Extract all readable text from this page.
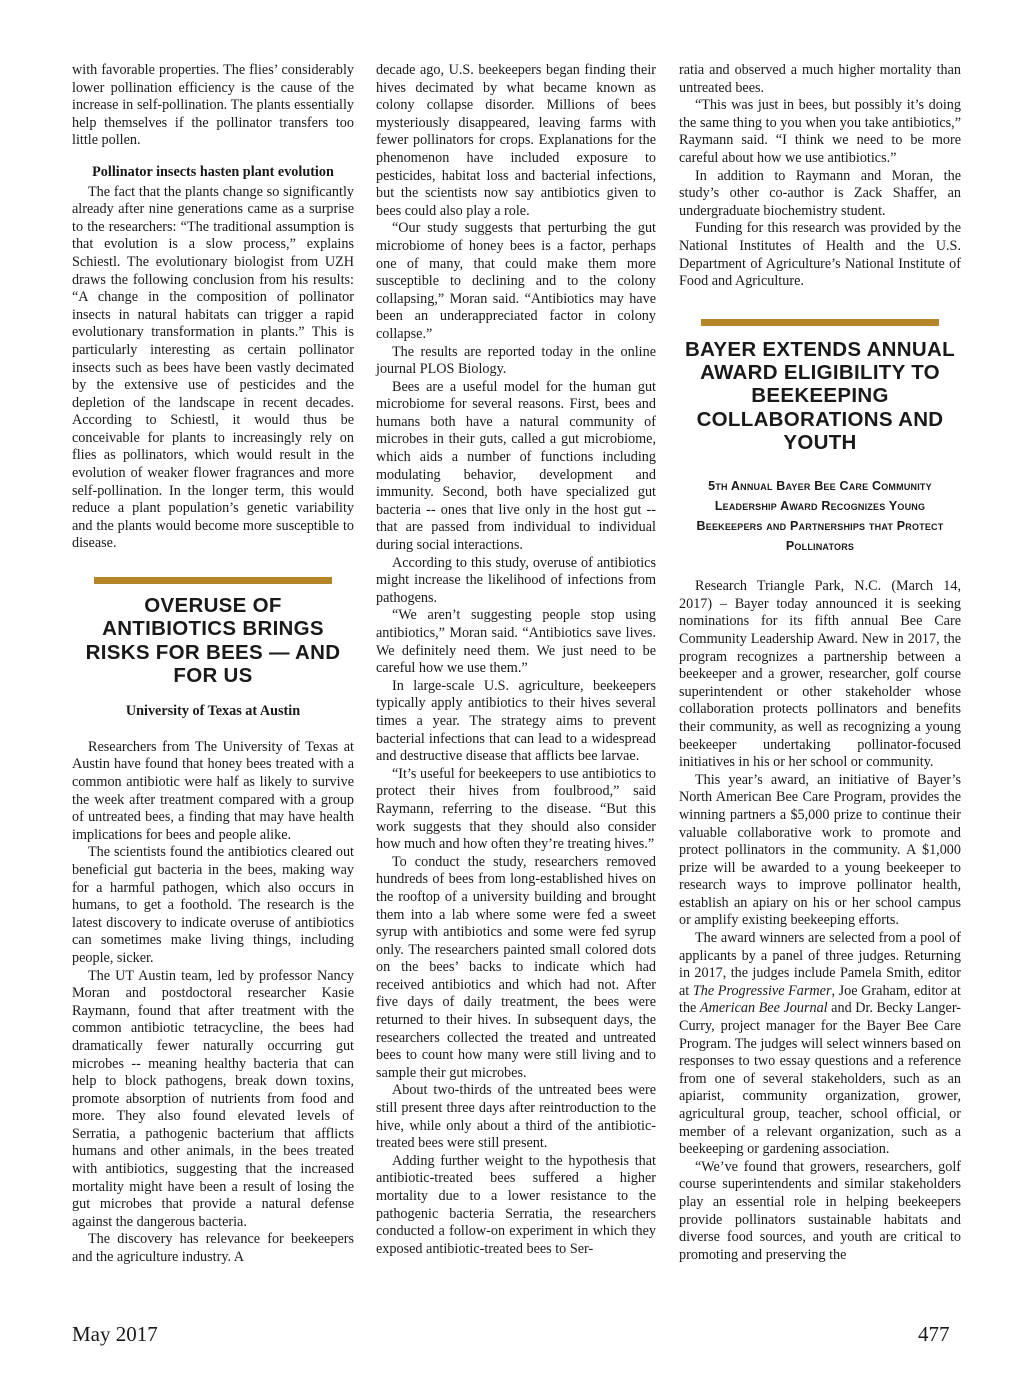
with favorable properties. The flies’ considerably lower pollination efficiency is the cause of the increase in self-pollination. The plants essentially help themselves if the pollinator transfers too little pollen.

Pollinator insects hasten plant evolution

The fact that the plants change so significantly already after nine generations came as a surprise to the researchers: “The traditional assumption is that evolution is a slow process,” explains Schiestl. The evolutionary biologist from UZH draws the following conclusion from his results: “A change in the composition of pollinator insects in natural habitats can trigger a rapid evolutionary transformation in plants.” This is particularly interesting as certain pollinator insects such as bees have been vastly decimated by the extensive use of pesticides and the depletion of the landscape in recent decades. According to Schiestl, it would thus be conceivable for plants to increasingly rely on flies as pollinators, which would result in the evolution of weaker flower fragrances and more self-pollination. In the longer term, this would reduce a plant population’s genetic variability and the plants would become more susceptible to disease.

OVERUSE OF ANTIBIOTICS BRINGS RISKS FOR BEES — AND FOR US
University of Texas at Austin

Researchers from The University of Texas at Austin have found that honey bees treated with a common antibiotic were half as likely to survive the week after treatment compared with a group of untreated bees, a finding that may have health implications for bees and people alike.

The scientists found the antibiotics cleared out beneficial gut bacteria in the bees, making way for a harmful pathogen, which also occurs in humans, to get a foothold. The research is the latest discovery to indicate overuse of antibiotics can sometimes make living things, including people, sicker.

The UT Austin team, led by professor Nancy Moran and postdoctoral researcher Kasie Raymann, found that after treatment with the common antibiotic tetracycline, the bees had dramatically fewer naturally occurring gut microbes -- meaning healthy bacteria that can help to block pathogens, break down toxins, promote absorption of nutrients from food and more. They also found elevated levels of Serratia, a pathogenic bacterium that afflicts humans and other animals, in the bees treated with antibiotics, suggesting that the increased mortality might have been a result of losing the gut microbes that provide a natural defense against the dangerous bacteria.

The discovery has relevance for beekeepers and the agriculture industry. A

decade ago, U.S. beekeepers began finding their hives decimated by what became known as colony collapse disorder. Millions of bees mysteriously disappeared, leaving farms with fewer pollinators for crops. Explanations for the phenomenon have included exposure to pesticides, habitat loss and bacterial infections, but the scientists now say antibiotics given to bees could also play a role.

“Our study suggests that perturbing the gut microbiome of honey bees is a factor, perhaps one of many, that could make them more susceptible to declining and to the colony collapsing,” Moran said. “Antibiotics may have been an underappreciated factor in colony collapse.”

The results are reported today in the online journal PLOS Biology.

Bees are a useful model for the human gut microbiome for several reasons. First, bees and humans both have a natural community of microbes in their guts, called a gut microbiome, which aids a number of functions including modulating behavior, development and immunity. Second, both have specialized gut bacteria -- ones that live only in the host gut -- that are passed from individual to individual during social interactions.

According to this study, overuse of antibiotics might increase the likelihood of infections from pathogens.

“We aren’t suggesting people stop using antibiotics,” Moran said. “Antibiotics save lives. We definitely need them. We just need to be careful how we use them.”

In large-scale U.S. agriculture, beekeepers typically apply antibiotics to their hives several times a year. The strategy aims to prevent bacterial infections that can lead to a widespread and destructive disease that afflicts bee larvae.

“It’s useful for beekeepers to use antibiotics to protect their hives from foulbrood,” said Raymann, referring to the disease. “But this work suggests that they should also consider how much and how often they’re treating hives.”

To conduct the study, researchers removed hundreds of bees from long-established hives on the rooftop of a university building and brought them into a lab where some were fed a sweet syrup with antibiotics and some were fed syrup only. The researchers painted small colored dots on the bees’ backs to indicate which had received antibiotics and which had not. After five days of daily treatment, the bees were returned to their hives. In subsequent days, the researchers collected the treated and untreated bees to count how many were still living and to sample their gut microbes.

About two-thirds of the untreated bees were still present three days after reintroduction to the hive, while only about a third of the antibiotic-treated bees were still present.

Adding further weight to the hypothesis that antibiotic-treated bees suffered a higher mortality due to a lower resistance to the pathogenic bacteria Serratia, the researchers conducted a follow-on experiment in which they exposed antibiotic-treated bees to Ser-

ratia and observed a much higher mortality than untreated bees.

“This was just in bees, but possibly it’s doing the same thing to you when you take antibiotics,” Raymann said. “I think we need to be more careful about how we use antibiotics.”

In addition to Raymann and Moran, the study’s other co-author is Zack Shaffer, an undergraduate biochemistry student.

Funding for this research was provided by the National Institutes of Health and the U.S. Department of Agriculture’s National Institute of Food and Agriculture.

BAYER EXTENDS ANNUAL AWARD ELIGIBILITY TO BEEKEEPING COLLABORATIONS AND YOUTH
5th Annual Bayer Bee Care Community Leadership Award Recognizes Young Beekeepers and Partnerships that Protect Pollinators

Research Triangle Park, N.C. (March 14, 2017) – Bayer today announced it is seeking nominations for its fifth annual Bee Care Community Leadership Award. New in 2017, the program recognizes a partnership between a beekeeper and a grower, researcher, golf course superintendent or other stakeholder whose collaboration protects pollinators and benefits their community, as well as recognizing a young beekeeper undertaking pollinator-focused initiatives in his or her school or community.

This year’s award, an initiative of Bayer’s North American Bee Care Program, provides the winning partners a $5,000 prize to continue their valuable collaborative work to promote and protect pollinators in the community. A $1,000 prize will be awarded to a young beekeeper to research ways to improve pollinator health, establish an apiary on his or her school campus or amplify existing beekeeping efforts.

The award winners are selected from a pool of applicants by a panel of three judges. Returning in 2017, the judges include Pamela Smith, editor at The Progressive Farmer, Joe Graham, editor at the American Bee Journal and Dr. Becky Langer-Curry, project manager for the Bayer Bee Care Program. The judges will select winners based on responses to two essay questions and a reference from one of several stakeholders, such as an apiarist, community organization, grower, agricultural group, teacher, school official, or member of a relevant organization, such as a beekeeping or gardening association.

“We’ve found that growers, researchers, golf course superintendents and similar stakeholders play an essential role in helping beekeepers provide pollinators sustainable habitats and diverse food sources, and youth are critical to promoting and preserving the

May 2017	477
